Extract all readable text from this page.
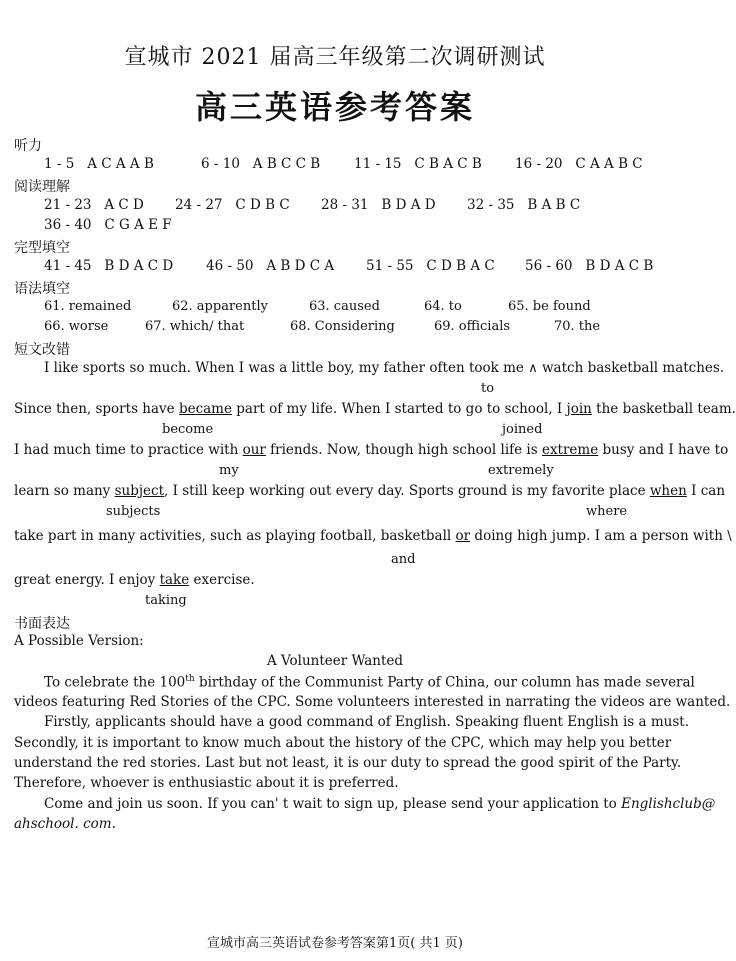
宣城市 2021 届高三年级第二次调研测试
高三英语参考答案
听力
1 - 5 A C A A B	6 - 10 A B C C B	11 - 15 C B A C B 16 - 20 C A A B C
阅读理解
21 - 23 A C D 24 - 27 C D B C 28 - 31 B D A D 32 - 35 B A B C
36 - 40 C G A E F
完型填空
41 - 45 B D A C D 46 - 50 A B D C A 51 - 55 C D B A C 56 - 60 B D A C B
语法填空
61. remained	62. apparently	63. caused	64. to	65. be found
66. worse	67. which/ that	68. Considering	69. officials	70. the
短文改错
I like sports so much. When I was a little boy, my father often took me ∧ watch basketball matches.
to
Since then, sports have became part of my life. When I started to go to school, I join the basketball team.
become	joined
I had much time to practice with our friends. Now, though high school life is extreme busy and I have to
my	extremely
learn so many subject, I still keep working out every day. Sports ground is my favorite place when I can
subjects	where
take part in many activities, such as playing football, basketball or doing high jump. I am a person with \
and
great energy. I enjoy take exercise.
taking
书面表达
A Possible Version:
A Volunteer Wanted
To celebrate the 100th birthday of the Communist Party of China, our column has made several
videos featuring Red Stories of the CPC. Some volunteers interested in narrating the videos are wanted.
Firstly, applicants should have a good command of English. Speaking fluent English is a must.
Secondly, it is important to know much about the history of the CPC, which may help you better
understand the red stories. Last but not least, it is our duty to spread the good spirit of the Party.
Therefore, whoever is enthusiastic about it is preferred.
Come and join us soon. If you can' t wait to sign up, please send your application to Englishclub@
ahschool. com.
宣城市高三英语试卷参考答案第1页( 共1 页)
